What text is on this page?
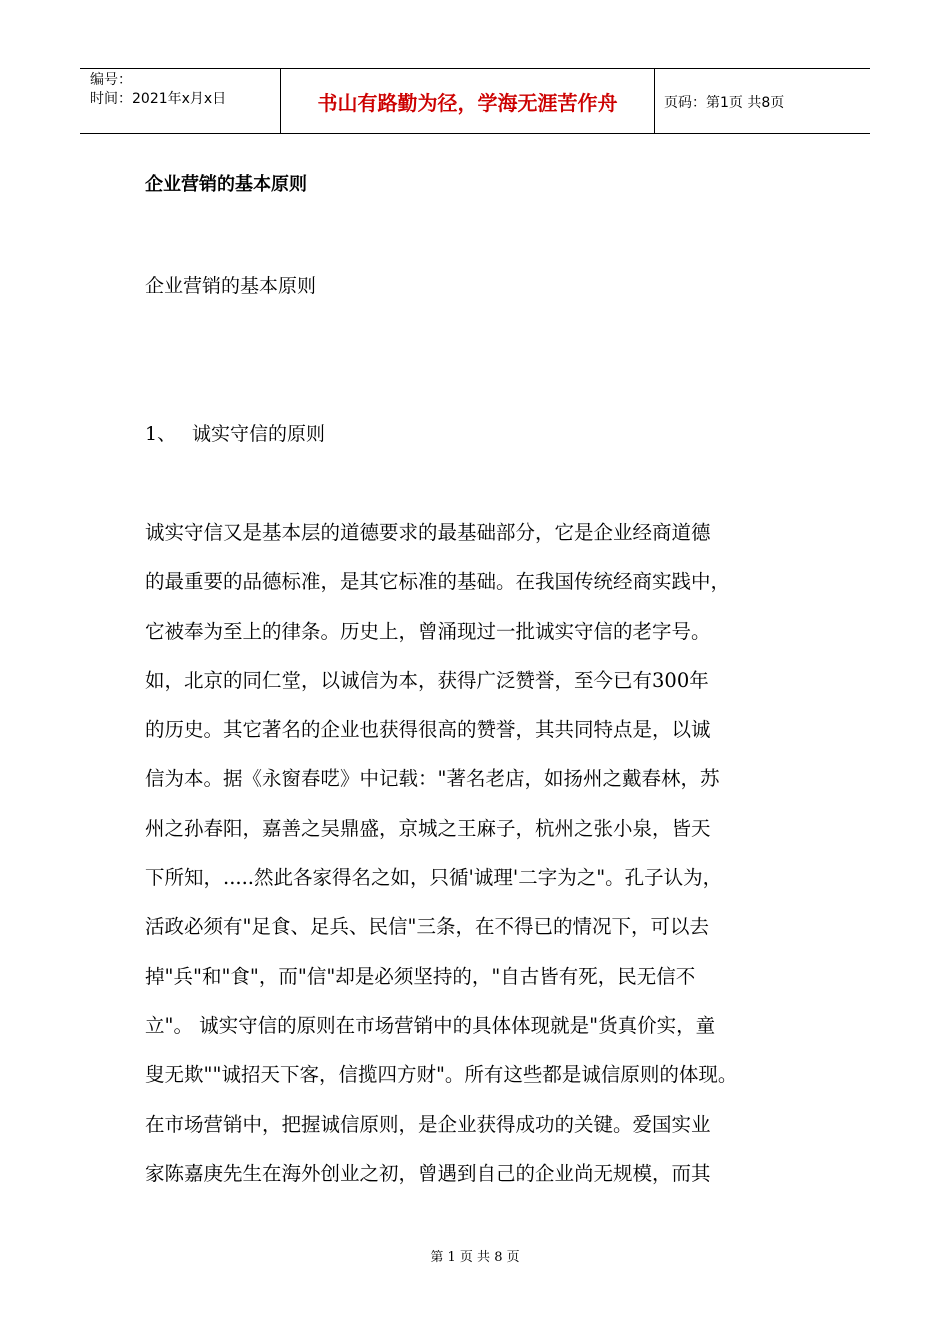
编号：
时间：2021年x月x日	书山有路勤为径，学海无涯苦作舟	页码：第1页 共8页
企业营销的基本原则
企业营销的基本原则
1、 诚实守信的原则
诚实守信又是基本层的道德要求的最基础部分，它是企业经商道德
的最重要的品德标准，是其它标准的基础。在我国传统经商实践中，
它被奉为至上的律条。历史上，曾涌现过一批诚实守信的老字号。
如，北京的同仁堂，以诚信为本，获得广泛赞誉，至今已有300年
的历史。其它著名的企业也获得很高的赞誉，其共同特点是，以诚
信为本。据《永窗春呓》中记载："著名老店，如扬州之戴春林，苏
州之孙春阳，嘉善之吴鼎盛，京城之王麻子，杭州之张小泉，皆天
下所知，.....然此各家得名之如，只循'诚理'二字为之"。孔子认为，
活政必须有"足食、足兵、民信"三条，在不得已的情况下，可以去
掉"兵"和"食"，而"信"却是必须坚持的，"自古皆有死，民无信不
立"。 诚实守信的原则在市场营销中的具体体现就是"货真价实，童
叟无欺""诚招天下客，信揽四方财"。所有这些都是诚信原则的体现。
在市场营销中，把握诚信原则，是企业获得成功的关键。爱国实业
家陈嘉庚先生在海外创业之初，曾遇到自己的企业尚无规模，而其
第 1 页 共 8 页
